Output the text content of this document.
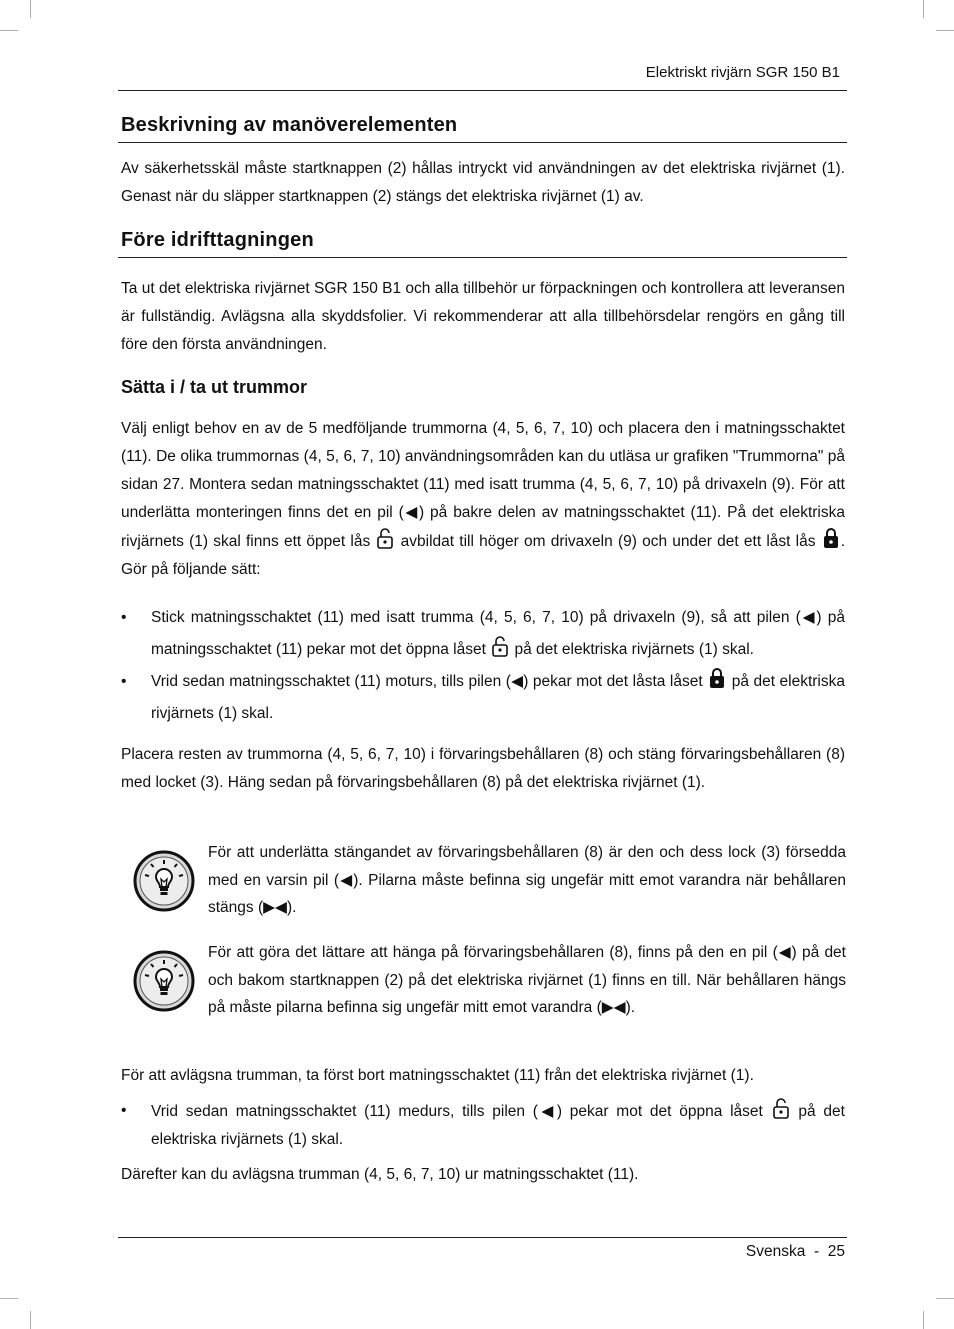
Elektriskt rivjärn SGR 150 B1
Beskrivning av manöverelementen

Av säkerhetsskäl måste startknappen (2) hållas intryckt vid användningen av det elektriska rivjärnet (1). Genast när du släpper startknappen (2) stängs det elektriska rivjärnet (1) av.

Före idrifttagningen

Ta ut det elektriska rivjärnet SGR 150 B1 och alla tillbehör ur förpackningen och kontrollera att leveransen är fullständig. Avlägsna alla skyddsfolier. Vi rekommenderar att alla tillbehörsdelar rengörs en gång till före den första användningen.

Sätta i / ta ut trummor

Välj enligt behov en av de 5 medföljande trummorna (4, 5, 6, 7, 10) och placera den i matningsschaktet (11). De olika trummornas (4, 5, 6, 7, 10) användningsområden kan du utläsa ur grafiken "Trummorna" på sidan 27. Montera sedan matningsschaktet (11) med isatt trumma (4, 5, 6, 7, 10) på drivaxeln (9). För att underlätta monteringen finns det en pil (◀) på bakre delen av matningsschaktet (11). På det elektriska rivjärnets (1) skal finns ett öppet lås avbildat till höger om drivaxeln (9) och under det ett låst lås . Gör på följande sätt:

• Stick matningsschaktet (11) med isatt trumma (4, 5, 6, 7, 10) på drivaxeln (9), så att pilen (◀) på matningsschaktet (11) pekar mot det öppna låset på det elektriska rivjärnets (1) skal.
• Vrid sedan matningsschaktet (11) moturs, tills pilen (◀) pekar mot det låsta låset på det elektriska rivjärnets (1) skal.

Placera resten av trummorna (4, 5, 6, 7, 10) i förvaringsbehållaren (8) och stäng förvaringsbehållaren (8) med locket (3). Häng sedan på förvaringsbehållaren (8) på det elektriska rivjärnet (1).

För att underlätta stängandet av förvaringsbehållaren (8) är den och dess lock (3) försedda med en varsin pil (◀). Pilarna måste befinna sig ungefär mitt emot varandra när behållaren stängs (▶◀).

För att göra det lättare att hänga på förvaringsbehållaren (8), finns på den en pil (◀) på det och bakom startknappen (2) på det elektriska rivjärnet (1) finns en till. När behållaren hängs på måste pilarna befinna sig ungefär mitt emot varandra (▶◀).

För att avlägsna trumman, ta först bort matningsschaktet (11) från det elektriska rivjärnet (1).

• Vrid sedan matningsschaktet (11) medurs, tills pilen (◀) pekar mot det öppna låset på det elektriska rivjärnets (1) skal.

Därefter kan du avlägsna trumman (4, 5, 6, 7, 10) ur matningsschaktet (11).

Svenska  -  25
